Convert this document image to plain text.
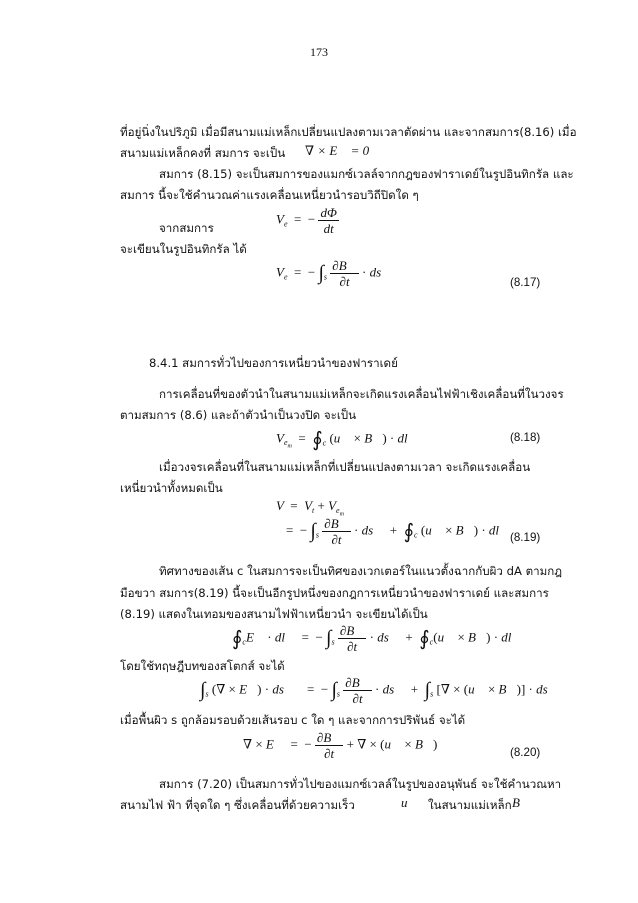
173
ที่อยู่นิ่งในปริภูมิ เมื่อมีสนามแม่เหล็กเปลี่ยนแปลงตามเวลาตัดผ่าน และจากสมการ(8.16) เมื่อ
สนามแม่เหล็กคงที่ สมการ จะเป็น ∇ × E⃗ = 0
สมการ (8.15) จะเป็นสมการของแมกซ์เวลล์จากกฎของฟาราเดย์ในรูปอินทิกรัล และ
สมการ นี้จะใช้คำนวณค่าแรงเคลื่อนเหนี่ยวนำรอบวิถีปิดใด ๆ
จากสมการ
$V_e$  =  − $\frac{d\Phi}{dt}$
จะเขียนในรูปอินทิกรัล ได้
$V_e$  =  − $\int_s \frac{\partial B⃗}{\partial t}$ · ds⃗
(8.17)
8.4.1 สมการทั่วไปของการเหนี่ยวนำของฟาราเดย์
การเคลื่อนที่ของตัวนำในสนามแม่เหล็กจะเกิดแรงเคลื่อนไฟฟ้าเชิงเคลื่อนที่ในวงจร
ตามสมการ (8.6) และถ้าตัวนำเป็นวงปิด จะเป็น
$V_{e_m}$  =  $∮_c$ (u⃗ × B⃗) · dl⃗	(8.18)
เมื่อวงจรเคลื่อนที่ในสนามแม่เหล็กที่เปลี่ยนแปลงตามเวลา จะเกิดแรงเคลื่อน
เหนี่ยวนำทั้งหมดเป็น
$V = V_t + V_{e_m}$
=  − $\int_s \frac{\partial B⃗}{\partial t}$ · ds⃗  +  $∮_c$ (u⃗ × B⃗) · dl⃗
(8.19)
ทิศทางของเส้น c ในสมการจะเป็นทิศของเวกเตอร์ในแนวตั้งฉากกับผิว dA ตามกฎ
มือขวา สมการ(8.19) นี้จะเป็นอีกรูปหนึ่งของกฎการเหนี่ยวนำของฟาราเดย์ และสมการ
(8.19) แสดงในเทอมของสนามไฟฟ้าเหนี่ยวนำ จะเขียนได้เป็น
$∮_cE⃗$ · dl⃗  =  − $\int_s \frac{\partial B⃗}{\partial t}$ · ds⃗  +  $∮_c(u⃗$ × B⃗) · dl⃗
โดยใช้ทฤษฎีบทของสโตกส์ จะได้
$\int_s$ (∇ × E⃗) · ds⃗    =  − $\int_s \frac{\partial B⃗}{\partial t}$ · ds⃗  +  $\int_s$ [∇ × (u⃗ × B⃗)] · ds⃗
เมื่อพื้นผิว s ถูกล้อมรอบด้วยเส้นรอบ c ใด ๆ และจากการปริพันธ์ จะได้
∇ × E⃗  =  − $\frac{\partial B⃗}{\partial t}$ + ∇ × (u⃗ × B⃗)
(8.20)
สมการ (7.20) เป็นสมการทั่วไปของแมกซ์เวลล์ในรูปของอนุพันธ์ จะใช้คำนวณหา
สนามไฟ ฟ้า ที่จุดใด ๆ ซึ่งเคลื่อนที่ด้วยความเร็ว	u⃗ ในสนามแม่เหล็ก B⃗
